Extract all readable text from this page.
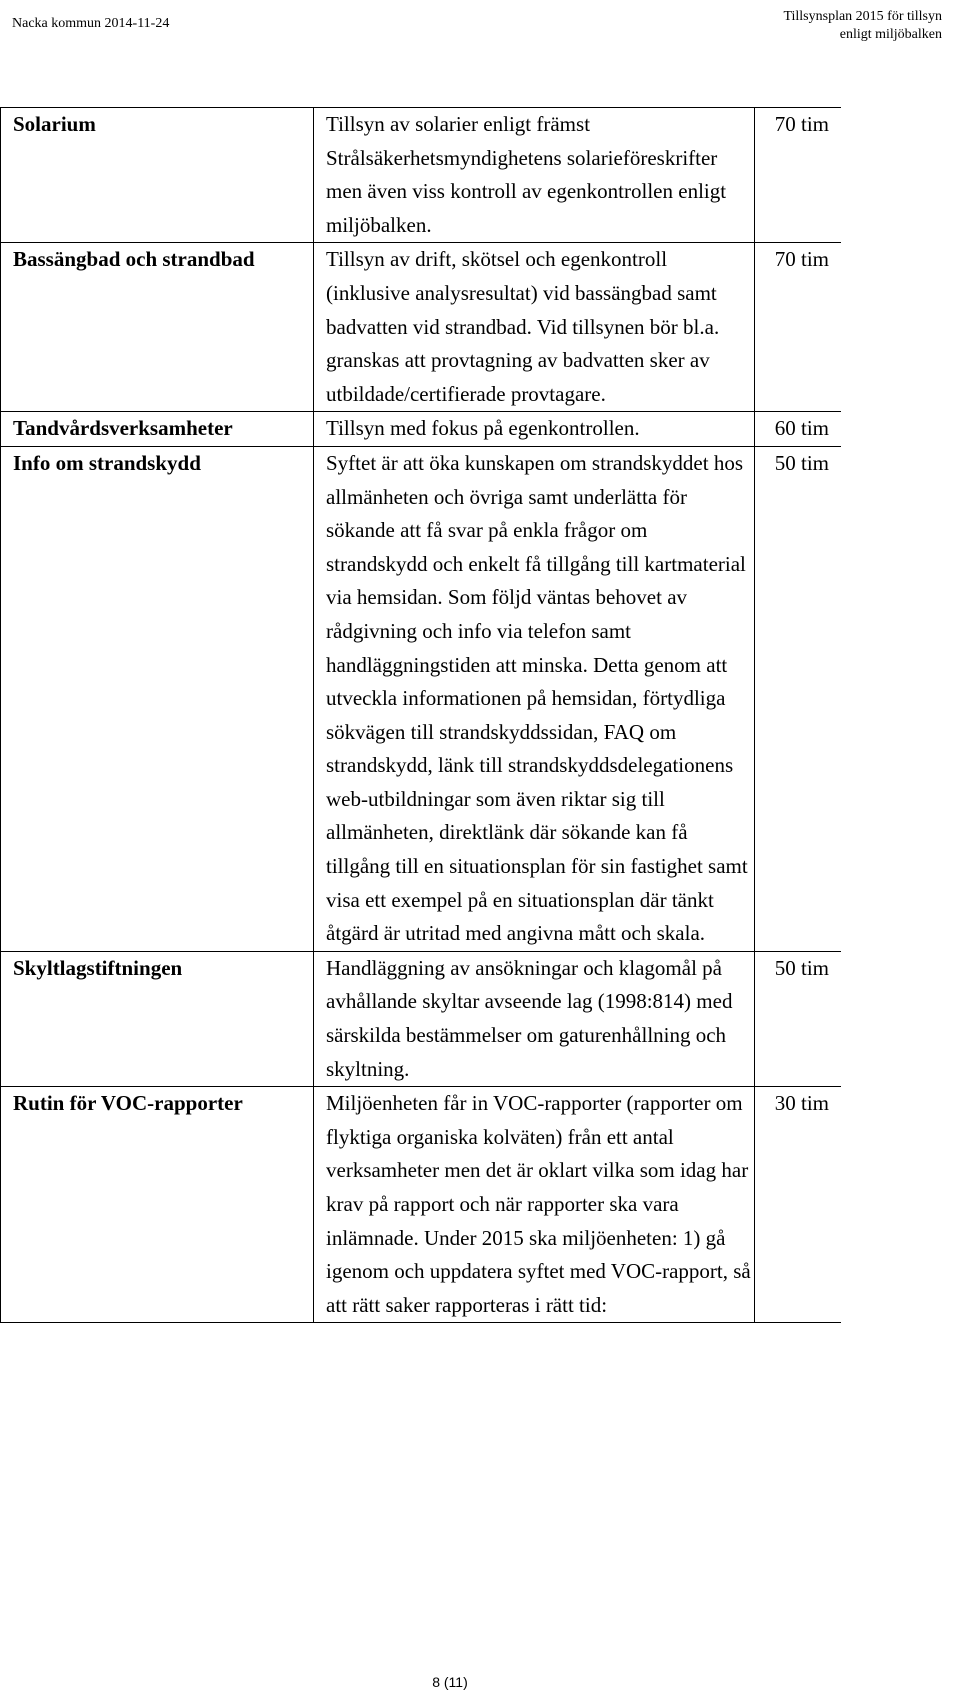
Nacka kommun 2014-11-24	Tillsynsplan 2015 för tillsyn
enligt miljöbalken
Solarium	Tillsyn av solarier enligt främst Strålsäkerhetsmyndighetens solarieföreskrifter men även viss kontroll av egenkontrollen enligt miljöbalken.	70 tim
Bassängbad och strandbad	Tillsyn av drift, skötsel och egenkontroll (inklusive analysresultat) vid bassängbad samt badvatten vid strandbad. Vid tillsynen bör bl.a. granskas att provtagning av badvatten sker av utbildade/certifierade provtagare.	70 tim
Tandvårdsverksamheter	Tillsyn med fokus på egenkontrollen.	60 tim
Info om strandskydd	Syftet är att öka kunskapen om strandskyddet hos allmänheten och övriga samt underlätta för sökande att få svar på enkla frågor om strandskydd och enkelt få tillgång till kartmaterial via hemsidan. Som följd väntas behovet av rådgivning och info via telefon samt handläggningstiden att minska. Detta genom att utveckla informationen på hemsidan, förtydliga sökvägen till strandskyddssidan, FAQ om strandskydd, länk till strandskyddsdelegationens web-utbildningar som även riktar sig till allmänheten, direktlänk där sökande kan få tillgång till en situationsplan för sin fastighet samt visa ett exempel på en situationsplan där tänkt åtgärd är utritad med angivna mått och skala.	50 tim
Skyltlagstiftningen	Handläggning av ansökningar och klagomål på avhållande skyltar avseende lag (1998:814) med särskilda bestämmelser om gaturenhållning och skyltning.	50 tim
Rutin för VOC-rapporter	Miljöenheten får in VOC-rapporter (rapporter om flyktiga organiska kolväten) från ett antal verksamheter men det är oklart vilka som idag har krav på rapport och när rapporter ska vara inlämnade. Under 2015 ska miljöenheten: 1) gå igenom och uppdatera syftet med VOC-rapport, så att rätt saker rapporteras i rätt tid:	30 tim
8 (11)
